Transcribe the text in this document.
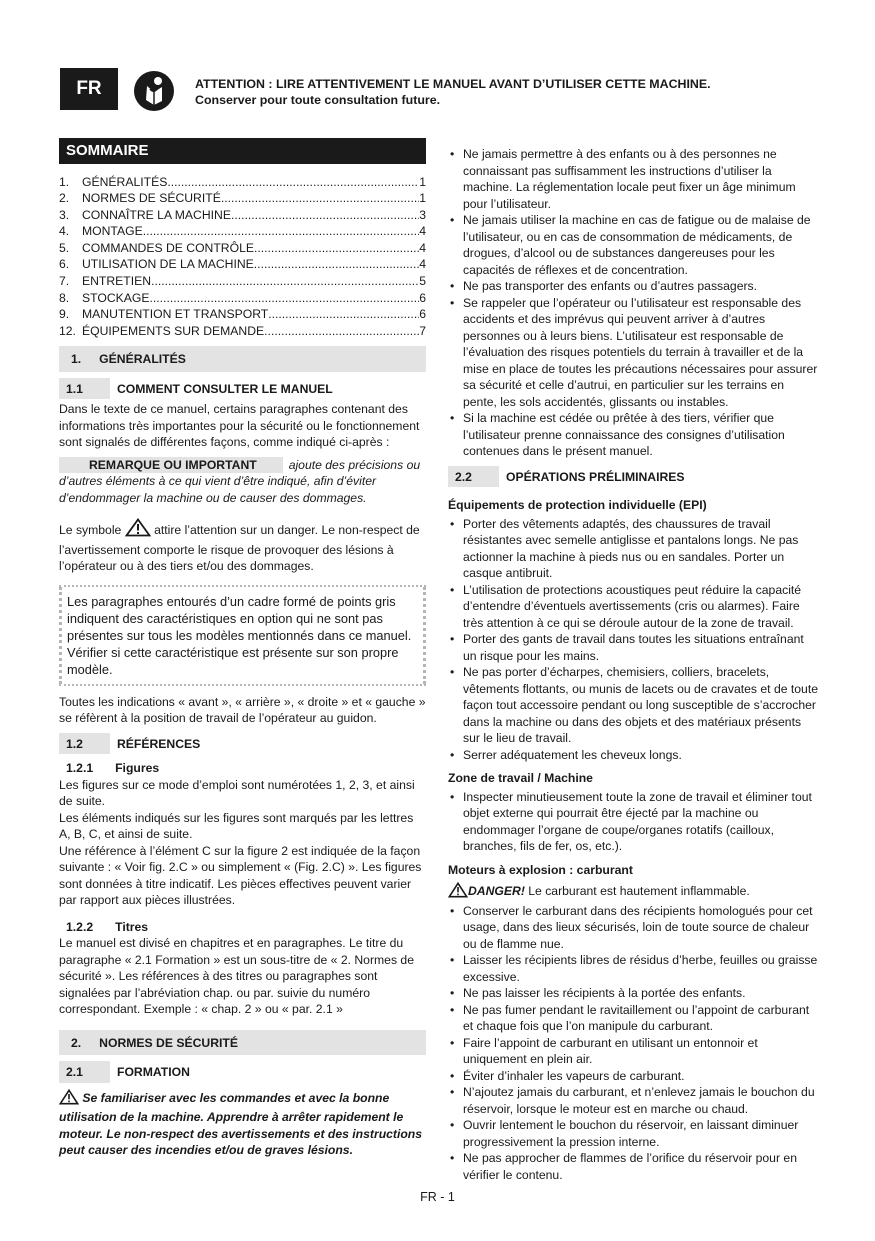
FR	ATTENTION : LIRE ATTENTIVEMENT LE MANUEL AVANT D’UTILISER CETTE MACHINE.
Conserver pour toute consultation future.
SOMMAIRE
1.	GÉNÉRALITÉS .....	1
2.	NORMES DE SÉCURITÉ .....	1
3.	CONNAÎTRE LA MACHINE .....	3
4.	MONTAGE .....	4
5.	COMMANDES DE CONTRÔLE .....	4
6.	UTILISATION DE LA MACHINE .....	4
7.	ENTRETIEN .....	5
8.	STOCKAGE .....	6
9.	MANUTENTION ET TRANSPORT .....	6
12. ÉQUIPEMENTS SUR DEMANDE .....	7
1. GÉNÉRALITÉS
1.1	COMMENT CONSULTER LE MANUEL

Dans le texte de ce manuel, certains paragraphes contenant des informations très importantes pour la sécurité ou le fonctionnement sont signalés de différentes façons, comme indiqué ci-après :

REMARQUE OU IMPORTANT	ajoute des précisions ou d’autres éléments à ce qui vient d’être indiqué, afin d’éviter d’endommager la machine ou de causer des dommages.

Le symbole	attire l’attention sur un danger. Le non-respect de l’avertissement comporte le risque de provoquer des lésions à l’opérateur ou à des tiers et/ou des dommages.

Les paragraphes entourés d’un cadre formé de points gris indiquent des caractéristiques en option qui ne sont pas présentes sur tous les modèles mentionnés dans ce manuel. Vérifier si cette caractéristique est présente sur son propre modèle.

Toutes les indications « avant », « arrière », « droite » et « gauche » se réfèrent à la position de travail de l’opérateur au guidon.

1.2	RÉFÉRENCES
1.2.1 Figures

Les figures sur ce mode d’emploi sont numérotées 1, 2, 3, et ainsi de suite.

Les éléments indiqués sur les figures sont marqués par les lettres A, B, C, et ainsi de suite.

Une référence à l’élément C sur la figure 2 est indiquée de la façon suivante : « Voir fig. 2.C » ou simplement « (Fig. 2.C) ». Les figures sont données à titre indicatif. Les pièces effectives peuvent varier par rapport aux pièces illustrées.

1.2.2 Titres

Le manuel est divisé en chapitres et en paragraphes. Le titre du paragraphe « 2.1 Formation » est un sous-titre de « 2. Normes de sécurité ». Les références à des titres ou paragraphes sont signalées par l’abréviation chap. ou par. suivie du numéro correspondant. Exemple : « chap. 2 » ou « par. 2.1 »

2. NORMES DE SÉCURITÉ
2.1	FORMATION

Se familiariser avec les commandes et avec la bonne utilisation de la machine. Apprendre à arrêter rapidement le moteur. Le non-respect des avertissements et des instructions peut causer des incendies et/ou de graves lésions.

• Ne jamais permettre à des enfants ou à des personnes ne connaissant pas suffisamment les instructions d’utiliser la machine. La réglementation locale peut fixer un âge minimum pour l’utilisateur.
• Ne jamais utiliser la machine en cas de fatigue ou de malaise de l’utilisateur, ou en cas de consommation de médicaments, de drogues, d’alcool ou de substances dangereuses pour les capacités de réflexes et de concentration.
• Ne pas transporter des enfants ou d’autres passagers.
• Se rappeler que l’opérateur ou l’utilisateur est responsable des accidents et des imprévus qui peuvent arriver à d’autres personnes ou à leurs biens. L’utilisateur est responsable de l’évaluation des risques potentiels du terrain à travailler et de la mise en place de toutes les précautions nécessaires pour assurer sa sécurité et celle d’autrui, en particulier sur les terrains en pente, les sols accidentés, glissants ou instables.
• Si la machine est cédée ou prêtée à des tiers, vérifier que l’utilisateur prenne connaissance des consignes d’utilisation contenues dans le présent manuel.
2.2	OPÉRATIONS PRÉLIMINAIRES
Équipements de protection individuelle (EPI)
• Porter des vêtements adaptés, des chaussures de travail résistantes avec semelle antiglisse et pantalons longs. Ne pas actionner la machine à pieds nus ou en sandales. Porter un casque antibruit.
• L’utilisation de protections acoustiques peut réduire la capacité d’entendre d’éventuels avertissements (cris ou alarmes). Faire très attention à ce qui se déroule autour de la zone de travail.
• Porter des gants de travail dans toutes les situations entraînant un risque pour les mains.
• Ne pas porter d’écharpes, chemisiers, colliers, bracelets, vêtements flottants, ou munis de lacets ou de cravates et de toute façon tout accessoire pendant ou long susceptible de s’accrocher dans la machine ou dans des objets et des matériaux présents sur le lieu de travail.
• Serrer adéquatement les cheveux longs.
Zone de travail / Machine
• Inspecter minutieusement toute la zone de travail et éliminer tout objet externe qui pourrait être éjecté par la machine ou endommager l’organe de coupe/organes rotatifs (cailloux, branches, fils de fer, os, etc.).
Moteurs à explosion : carburant

DANGER! Le carburant est hautement inflammable.

• Conserver le carburant dans des récipients homologués pour cet usage, dans des lieux sécurisés, loin de toute source de chaleur ou de flamme nue.
• Laisser les récipients libres de résidus d’herbe, feuilles ou graisse excessive.
• Ne pas laisser les récipients à la portée des enfants.
• Ne pas fumer pendant le ravitaillement ou l’appoint de carburant et chaque fois que l’on manipule du carburant.
• Faire l’appoint de carburant en utilisant un entonnoir et uniquement en plein air.
• Éviter d’inhaler les vapeurs de carburant.
• N’ajoutez jamais du carburant, et n’enlevez jamais le bouchon du réservoir, lorsque le moteur est en marche ou chaud.
• Ouvrir lentement le bouchon du réservoir, en laissant diminuer progressivement la pression interne.
• Ne pas approcher de flammes de l’orifice du réservoir pour en vérifier le contenu.
FR - 1
